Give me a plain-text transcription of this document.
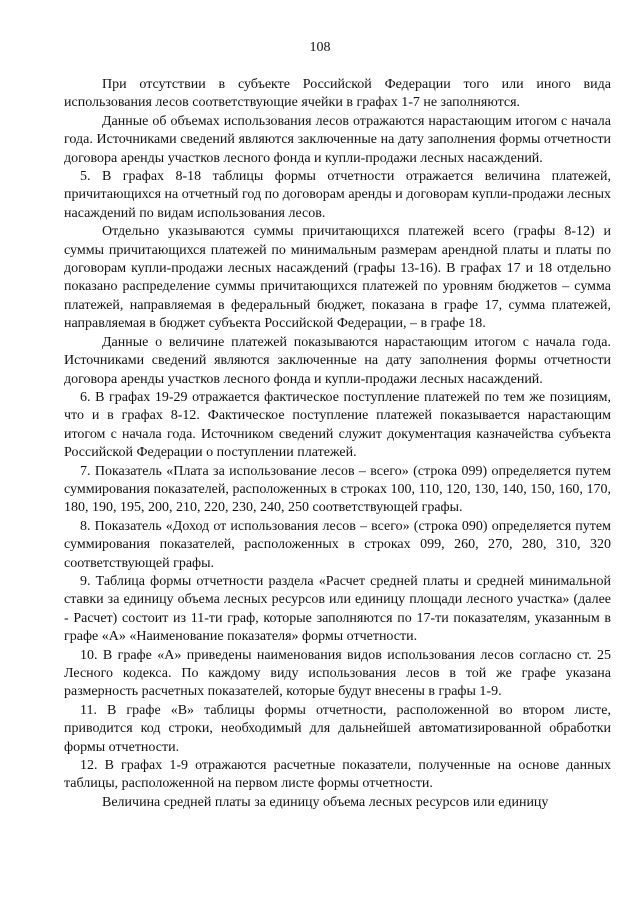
108

При отсутствии в субъекте Российской Федерации того или иного вида использования лесов соответствующие ячейки в графах 1-7 не заполняются.

Данные об объемах использования лесов отражаются нарастающим итогом с начала года. Источниками сведений являются заключенные на дату заполнения формы отчетности договора аренды участков лесного фонда и купли-продажи лесных насаждений.

5. В графах 8-18 таблицы формы отчетности отражается величина платежей, причитающихся на отчетный год по договорам аренды и договорам купли-продажи лесных насаждений по видам использования лесов.

Отдельно указываются суммы причитающихся платежей всего (графы 8-12) и суммы причитающихся платежей по минимальным размерам арендной платы и платы по договорам купли-продажи лесных насаждений (графы 13-16). В графах 17 и 18 отдельно показано распределение суммы причитающихся платежей по уровням бюджетов – сумма платежей, направляемая в федеральный бюджет, показана в графе 17, сумма платежей, направляемая в бюджет субъекта Российской Федерации, – в графе 18.

Данные о величине платежей показываются нарастающим итогом с начала года. Источниками сведений являются заключенные на дату заполнения формы отчетности договора аренды участков лесного фонда и купли-продажи лесных насаждений.

6. В графах 19-29 отражается фактическое поступление платежей по тем же позициям, что и в графах 8-12. Фактическое поступление платежей показывается нарастающим итогом с начала года. Источником сведений служит документация казначейства субъекта Российской Федерации о поступлении платежей.

7. Показатель «Плата за использование лесов – всего» (строка 099) определяется путем суммирования показателей, расположенных в строках 100, 110, 120, 130, 140, 150, 160, 170, 180, 190, 195, 200, 210, 220, 230, 240, 250 соответствующей графы.

8. Показатель «Доход от использования лесов – всего» (строка 090) определяется путем суммирования показателей, расположенных в строках 099, 260, 270, 280, 310, 320 соответствующей графы.

9. Таблица формы отчетности раздела «Расчет средней платы и средней минимальной ставки за единицу объема лесных ресурсов или единицу площади лесного участка» (далее - Расчет) состоит из 11-ти граф, которые заполняются по 17-ти показателям, указанным в графе «А» «Наименование показателя» формы отчетности.

10. В графе «А» приведены наименования видов использования лесов согласно ст. 25 Лесного кодекса. По каждому виду использования лесов в той же графе указана размерность расчетных показателей, которые будут внесены в графы 1-9.

11. В графе «В» таблицы формы отчетности, расположенной во втором листе, приводится код строки, необходимый для дальнейшей автоматизированной обработки формы отчетности.

12. В графах 1-9 отражаются расчетные показатели, полученные на основе данных таблицы, расположенной на первом листе формы отчетности.

Величина средней платы за единицу объема лесных ресурсов или единицу
